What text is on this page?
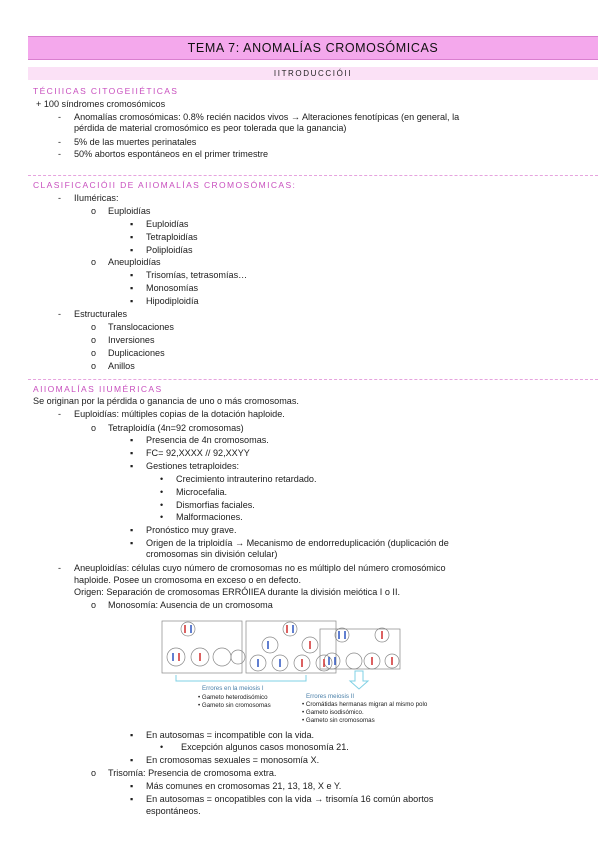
TEMA 7: ANOMALÍAS CROMOSÓMICAS
IITRODUCCIÓII
TÉCIIICAS CITOGEIIÉTICAS
+ 100 síndromes cromosómicos
- Anomalías cromosómicas: 0.8% recién nacidos vivos → Alteraciones fenotípicas (en general, la
pérdida de material cromosómico es peor tolerada que la ganancia)
- 5% de las muertes perinatales
- 50% abortos espontáneos en el primer trimestre
CLASIFICACIÓII DE AIIOMALÍAS CROMOSÓMICAS:
- IIuméricas:
o Euploidías
▪ Euploidías
▪ Tetraploidías
▪ Poliploidías
o Aneuploidías
▪ Trisomías, tetrasomías…
▪ Monosomías
▪ Hipodiploidía
- Estructurales
o Translocaciones
o Inversiones
o Duplicaciones
o Anillos
AIIOMALÍAS IIUMÉRICAS
Se originan por la pérdida o ganancia de uno o más cromosomas.
- Euploidías: múltiples copias de la dotación haploide.
o Tetraploidía (4n=92 cromosomas)
▪ Presencia de 4n cromosomas.
▪ FC= 92,XXXX // 92,XXYY
▪ Gestiones tetraploides:
• Crecimiento intrauterino retardado.
• Microcefalia.
• Dismorfias faciales.
• Malformaciones.
▪ Pronóstico muy grave.
▪ Origen de la triploidía → Mecanismo de endorreduplicación (duplicación de
cromosomas sin división celular)
- Aneuploidías: células cuyo número de cromosomas no es múltiplo del número cromosómico
haploide. Posee un cromosoma en exceso o en defecto.
Origen: Separación de cromosomas ERRÓIIEA durante la división meiótica I o II.
o Monosomía: Ausencia de un cromosoma
Errores en la meiosis I
• Gameto heterodisómico
• Gameto sin cromosomas
Errores meiosis II
• Cromátidas hermanas migran al mismo polo
• Gameto isodisómico.
• Gameto sin cromosomas
▪ En autosomas = incompatible con la vida.
• Excepción algunos casos monosomía 21.
▪ En cromosomas sexuales = monosomía X.
o Trisomía: Presencia de cromosoma extra.
▪ Más comunes en cromosomas 21, 13, 18, X e Y.
▪ En autosomas = oncopatibles con la vida → trisomía 16 común abortos
espontáneos.
